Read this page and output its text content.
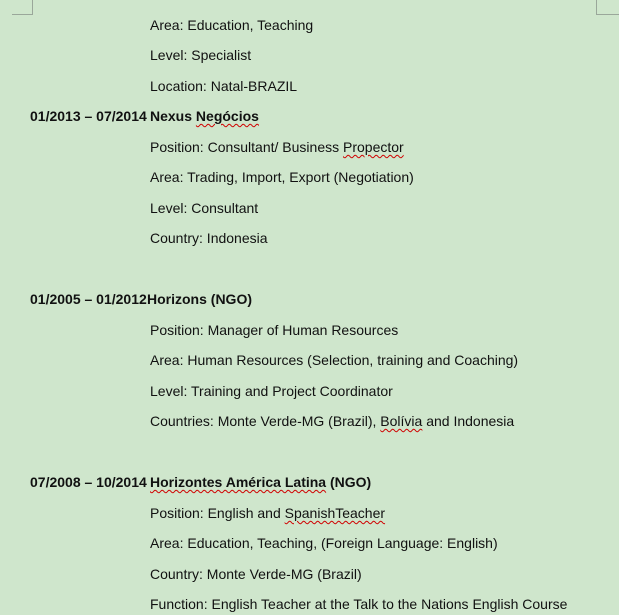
Area: Education, Teaching
Level: Specialist
Location: Natal-BRAZIL
01/2013 – 07/2014 Nexus Negócios
Position: Consultant/ Business Propector
Area: Trading, Import, Export (Negotiation)
Level: Consultant
Country: Indonesia
01/2005 – 01/2012Horizons (NGO)
Position: Manager of Human Resources
Area: Human Resources (Selection, training and Coaching)
Level: Training and Project Coordinator
Countries: Monte Verde-MG (Brazil), Bolívia and Indonesia
07/2008 – 10/2014 Horizontes América Latina (NGO)
Position: English and SpanishTeacher
Area: Education, Teaching, (Foreign Language: English)
Country: Monte Verde-MG (Brazil)
Function: English Teacher at the Talk to the Nations English Course
